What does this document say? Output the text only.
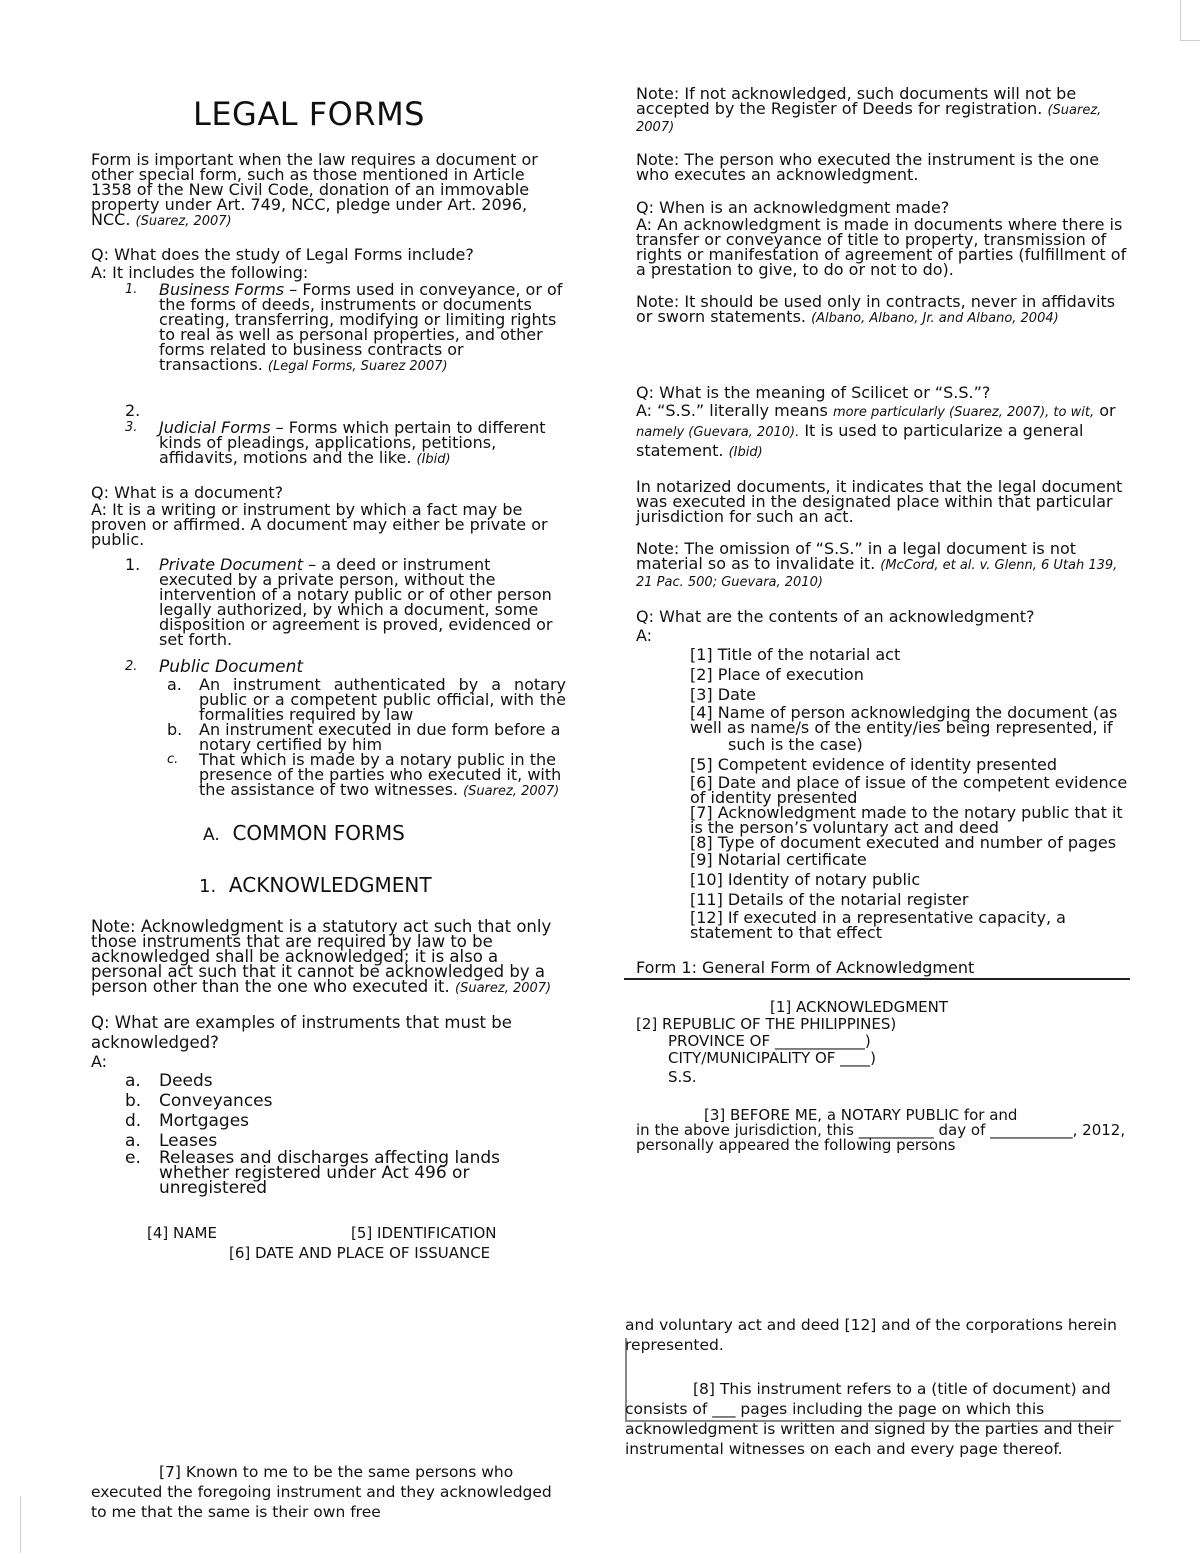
LEGAL FORMS

Form is important when the law requires a document or other special form, such as those mentioned in Article 1358 of the New Civil Code, donation of an immovable property under Art. 749, NCC, pledge under Art. 2096, NCC. (Suarez, 2007)

Q: What does the study of Legal Forms include?

A: It includes the following:

1. Business Forms – Forms used in conveyance, or of the forms of deeds, instruments or documents creating, transferring, modifying or limiting rights to real as well as personal properties, and other forms related to business contracts or transactions. (Legal Forms, Suarez 2007)
2.

3. Judicial Forms – Forms which pertain to different kinds of pleadings, applications, petitions, affidavits, motions and the like. (Ibid)

Q: What is a document?

A: It is a writing or instrument by which a fact may be proven or affirmed. A document may either be private or public.

1. Private Document – a deed or instrument executed by a private person, without the intervention of a notary public or of other person legally authorized, by which a document, some disposition or agreement is proved, evidenced or set forth.
2. Public Document
a. An instrument authenticated by a notary public or a competent public official, with the formalities required by law
b. An instrument executed in due form before a notary certified by him
c. That which is made by a notary public in the presence of the parties who executed it, with the assistance of two witnesses. (Suarez, 2007)

A. COMMON FORMS

1. ACKNOWLEDGMENT

Note: Acknowledgment is a statutory act such that only those instruments that are required by law to be acknowledged shall be acknowledged; it is also a personal act such that it cannot be acknowledged by a person other than the one who executed it. (Suarez, 2007)

Q: What are examples of instruments that must be acknowledged?

A:

a. Deeds
b. Conveyances
d. Mortgages
a. Leases
e. Releases and discharges affecting lands whether registered under Act 496 or unregistered
[4] NAME	[5] IDENTIFICATION
[6] DATE AND PLACE OF ISSUANCE
[7] Known to me to be the same persons who executed the foregoing instrument and they acknowledged to me that the same is their own free

Note: If not acknowledged, such documents will not be accepted by the Register of Deeds for registration. (Suarez, 2007)

Note: The person who executed the instrument is the one who executes an acknowledgment.

Q: When is an acknowledgment made?

A: An acknowledgment is made in documents where there is transfer or conveyance of title to property, transmission of rights or manifestation of agreement of parties (fulfillment of a prestation to give, to do or not to do).

Note: It should be used only in contracts, never in affidavits or sworn statements. (Albano, Albano, Jr. and Albano, 2004)

Q: What is the meaning of Scilicet or “S.S.”?

A: “S.S.” literally means more particularly (Suarez, 2007), to wit, or namely (Guevara, 2010). It is used to particularize a general statement. (Ibid)

In notarized documents, it indicates that the legal document was executed in the designated place within that particular jurisdiction for such an act.

Note: The omission of “S.S.” in a legal document is not material so as to invalidate it. (McCord, et al. v. Glenn, 6 Utah 139, 21 Pac. 500; Guevara, 2010)

Q: What are the contents of an acknowledgment?

A:

[1] Title of the notarial act
[2] Place of execution
[3] Date
[4] Name of person acknowledging the document (as well as name/s of the entity/ies being represented, if
such is the case)
[5] Competent evidence of identity presented
[6] Date and place of issue of the competent evidence of identity presented
[7] Acknowledgment made to the notary public that it is the person’s voluntary act and deed
[8] Type of document executed and number of pages
[9] Notarial certificate
[10] Identity of notary public
[11] Details of the notarial register
[12] If executed in a representative capacity, a statement to that effect
Form 1: General Form of Acknowledgment
[1] ACKNOWLEDGMENT
[2] REPUBLIC OF THE PHILIPPINES)
PROVINCE OF ____________)
CITY/MUNICIPALITY OF ____)
S.S.
[3] BEFORE ME, a NOTARY PUBLIC for and
in the above jurisdiction, this __________ day of ___________, 2012, personally appeared the following persons
and voluntary act and deed [12] and of the corporations herein represented.
[8] This instrument refers to a (title of document) and consists of ___ pages including the page on which this acknowledgment is written and signed by the parties and their instrumental witnesses on each and every page thereof.
